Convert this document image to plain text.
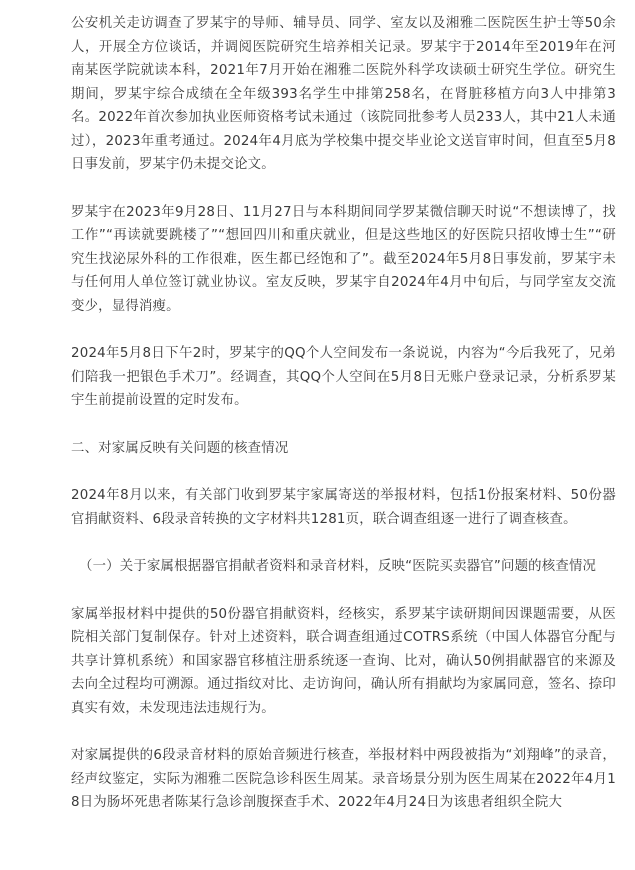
公安机关走访调查了罗某宇的导师、辅导员、同学、室友以及湘雅二医院医生护士等50余人，开展全方位谈话，并调阅医院研究生培养相关记录。罗某宇于2014年至2019年在河南某医学院就读本科，2021年7月开始在湘雅二医院外科学攻读硕士研究生学位。研究生期间，罗某宇综合成绩在全年级393名学生中排第258名，在肾脏移植方向3人中排第3名。2022年首次参加执业医师资格考试未通过（该院同批参考人员233人，其中21人未通过），2023年重考通过。2024年4月底为学校集中提交毕业论文送盲审时间，但直至5月8日事发前，罗某宇仍未提交论文。

罗某宇在2023年9月28日、11月27日与本科期间同学罗某微信聊天时说“不想读博了，找工作”“再读就要跳楼了”“想回四川和重庆就业，但是这些地区的好医院只招收博士生”“研究生找泌尿外科的工作很难，医生都已经饱和了”。截至2024年5月8日事发前，罗某宇未与任何用人单位签订就业协议。室友反映，罗某宇自2024年4月中旬后，与同学室友交流变少，显得消瘦。

2024年5月8日下午2时，罗某宇的QQ个人空间发布一条说说，内容为“今后我死了，兄弟们陪我一把银色手术刀”。经调查，其QQ个人空间在5月8日无账户登录记录，分析系罗某宇生前提前设置的定时发布。

二、对家属反映有关问题的核查情况

2024年8月以来，有关部门收到罗某宇家属寄送的举报材料，包括1份报案材料、50份器官捐献资料、6段录音转换的文字材料共1281页，联合调查组逐一进行了调查核查。

（一）关于家属根据器官捐献者资料和录音材料，反映“医院买卖器官”问题的核查情况

家属举报材料中提供的50份器官捐献资料，经核实，系罗某宇读研期间因课题需要，从医院相关部门复制保存。针对上述资料，联合调查组通过COTRS系统（中国人体器官分配与共享计算机系统）和国家器官移植注册系统逐一查询、比对，确认50例捐献器官的来源及去向全过程均可溯源。通过指纹对比、走访询问，确认所有捐献均为家属同意，签名、捺印真实有效，未发现违法违规行为。

对家属提供的6段录音材料的原始音频进行核查，举报材料中两段被指为“刘翔峰”的录音，经声纹鉴定，实际为湘雅二医院急诊科医生周某。录音场景分别为医生周某在2022年4月18日为肠坏死患者陈某行急诊剖腹探查手术、2022年4月24日为该患者组织全院大
